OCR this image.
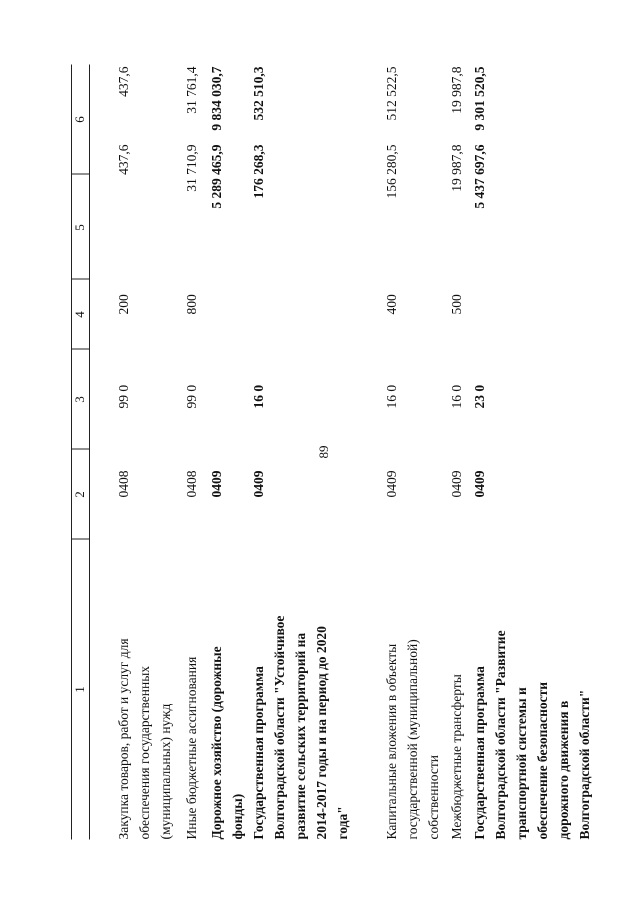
89
1
2
3
4
5
6
Закупка товаров, работ и услуг для обеспечения государственных (муниципальных) нужд
0408
99 0
200
437,6
437,6
Иные бюджетные ассигнования
0408
99 0
800
31 710,9
31 761,4
Дорожное хозяйство (дорожные фонды)
0409
5 289 465,9
9 834 030,7
Государственная программа Волгоградской области "Устойчивое развитие сельских территорий на 2014-2017 годы и на период до 2020 года"
0409
16 0
176 268,3
532 510,3
Капитальные вложения в объекты государственной (муниципальной) собственности
0409
16 0
400
156 280,5
512 522,5
Межбюджетные трансферты
0409
16 0
500
19 987,8
19 987,8
Государственная программа Волгоградской области "Развитие транспортной системы и обеспечение безопасности дорожного движения в Волгоградской области"
0409
23 0
5 437 697,6
9 301 520,5
